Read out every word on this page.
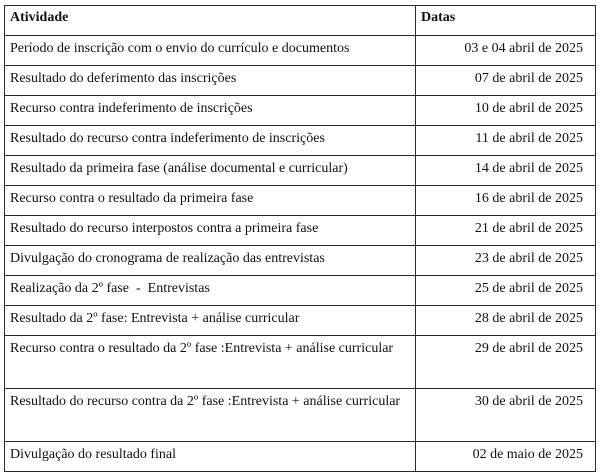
Atividade	Datas
Período de inscrição com o envio do currículo e documentos	03 e 04 abril de 2025
Resultado do deferimento das inscrições	07 de abril de 2025
Recurso contra indeferimento de inscrições	10 de abril de 2025
Resultado do recurso contra indeferimento de inscrições	11 de abril de 2025
Resultado da primeira fase (análise documental e curricular)	14 de abril de 2025
Recurso contra o resultado da primeira fase	16 de abril de 2025
Resultado do recurso interpostos contra a primeira fase	21 de abril de 2025
Divulgação do cronograma de realização das entrevistas	23 de abril de 2025
Realização da 2º fase  -  Entrevistas	25 de abril de 2025
Resultado da 2º fase: Entrevista + análise curricular	28 de abril de 2025
Recurso contra o resultado da 2º fase :Entrevista + análise curricular	29 de abril de 2025
Resultado do recurso contra da 2º fase :Entrevista + análise curricular	30 de abril de 2025
Divulgação do resultado final	02 de maio de 2025
